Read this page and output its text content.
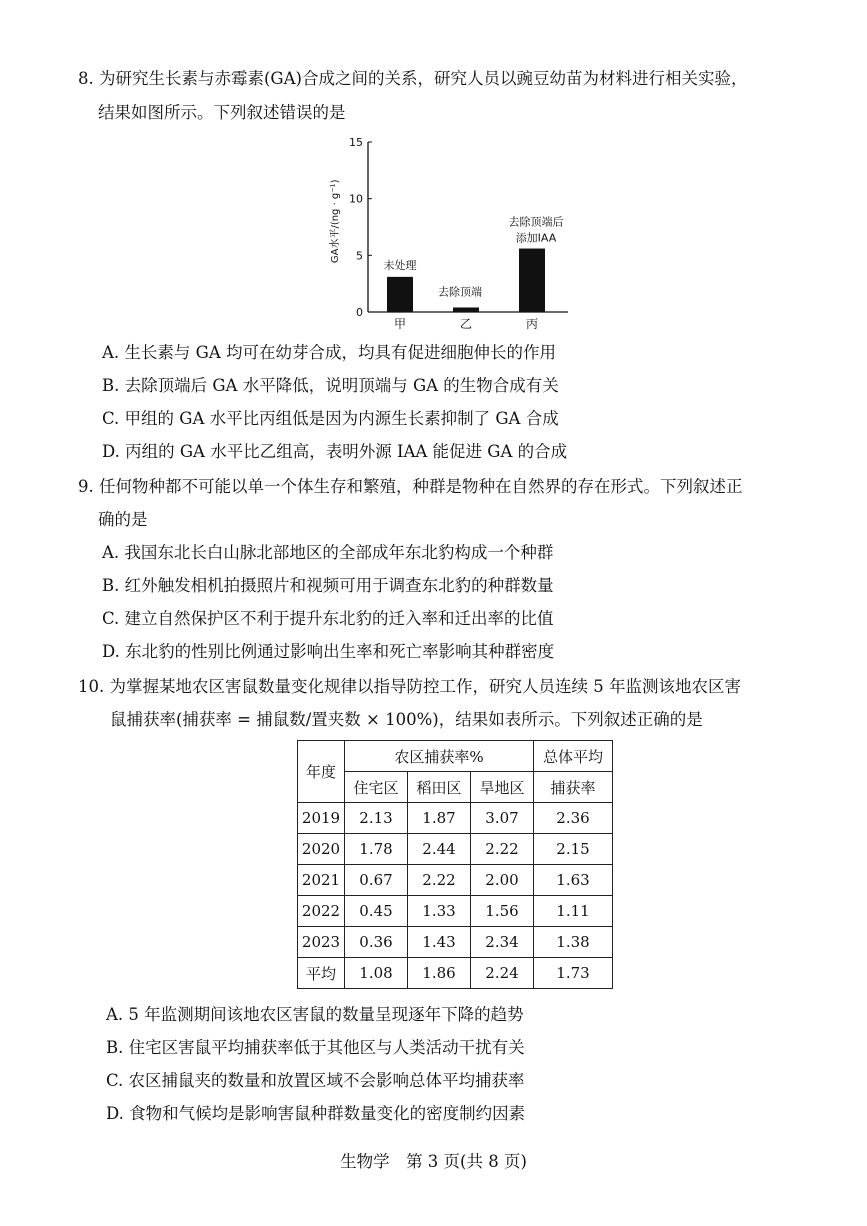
8. 为研究生长素与赤霉素(GA)合成之间的关系，研究人员以豌豆幼苗为材料进行相关实验，
结果如图所示。下列叙述错误的是
0
5
10
15
GA水平/(ng · g⁻¹)
甲	乙	丙
未处理
去除顶端
去除顶端后
添加IAA
A. 生长素与 GA 均可在幼芽合成，均具有促进细胞伸长的作用
B. 去除顶端后 GA 水平降低，说明顶端与 GA 的生物合成有关
C. 甲组的 GA 水平比丙组低是因为内源生长素抑制了 GA 合成
D. 丙组的 GA 水平比乙组高，表明外源 IAA 能促进 GA 的合成
9. 任何物种都不可能以单一个体生存和繁殖，种群是物种在自然界的存在形式。下列叙述正
确的是
A. 我国东北长白山脉北部地区的全部成年东北豹构成一个种群
B. 红外触发相机拍摄照片和视频可用于调查东北豹的种群数量
C. 建立自然保护区不利于提升东北豹的迁入率和迁出率的比值
D. 东北豹的性别比例通过影响出生率和死亡率影响其种群密度
10. 为掌握某地农区害鼠数量变化规律以指导防控工作，研究人员连续 5 年监测该地农区害
鼠捕获率(捕获率 = 捕鼠数/置夹数 × 100%)，结果如表所示。下列叙述正确的是
年度	农区捕获率%			总体平均
	住宅区	稻田区	旱地区	捕获率
2019	2.13	1.87	3.07	2.36
2020	1.78	2.44	2.22	2.15
2021	0.67	2.22	2.00	1.63
2022	0.45	1.33	1.56	1.11
2023	0.36	1.43	2.34	1.38
平均	1.08	1.86	2.24	1.73
A. 5 年监测期间该地农区害鼠的数量呈现逐年下降的趋势
B. 住宅区害鼠平均捕获率低于其他区与人类活动干扰有关
C. 农区捕鼠夹的数量和放置区域不会影响总体平均捕获率
D. 食物和气候均是影响害鼠种群数量变化的密度制约因素
生物学　第 3 页(共 8 页)
